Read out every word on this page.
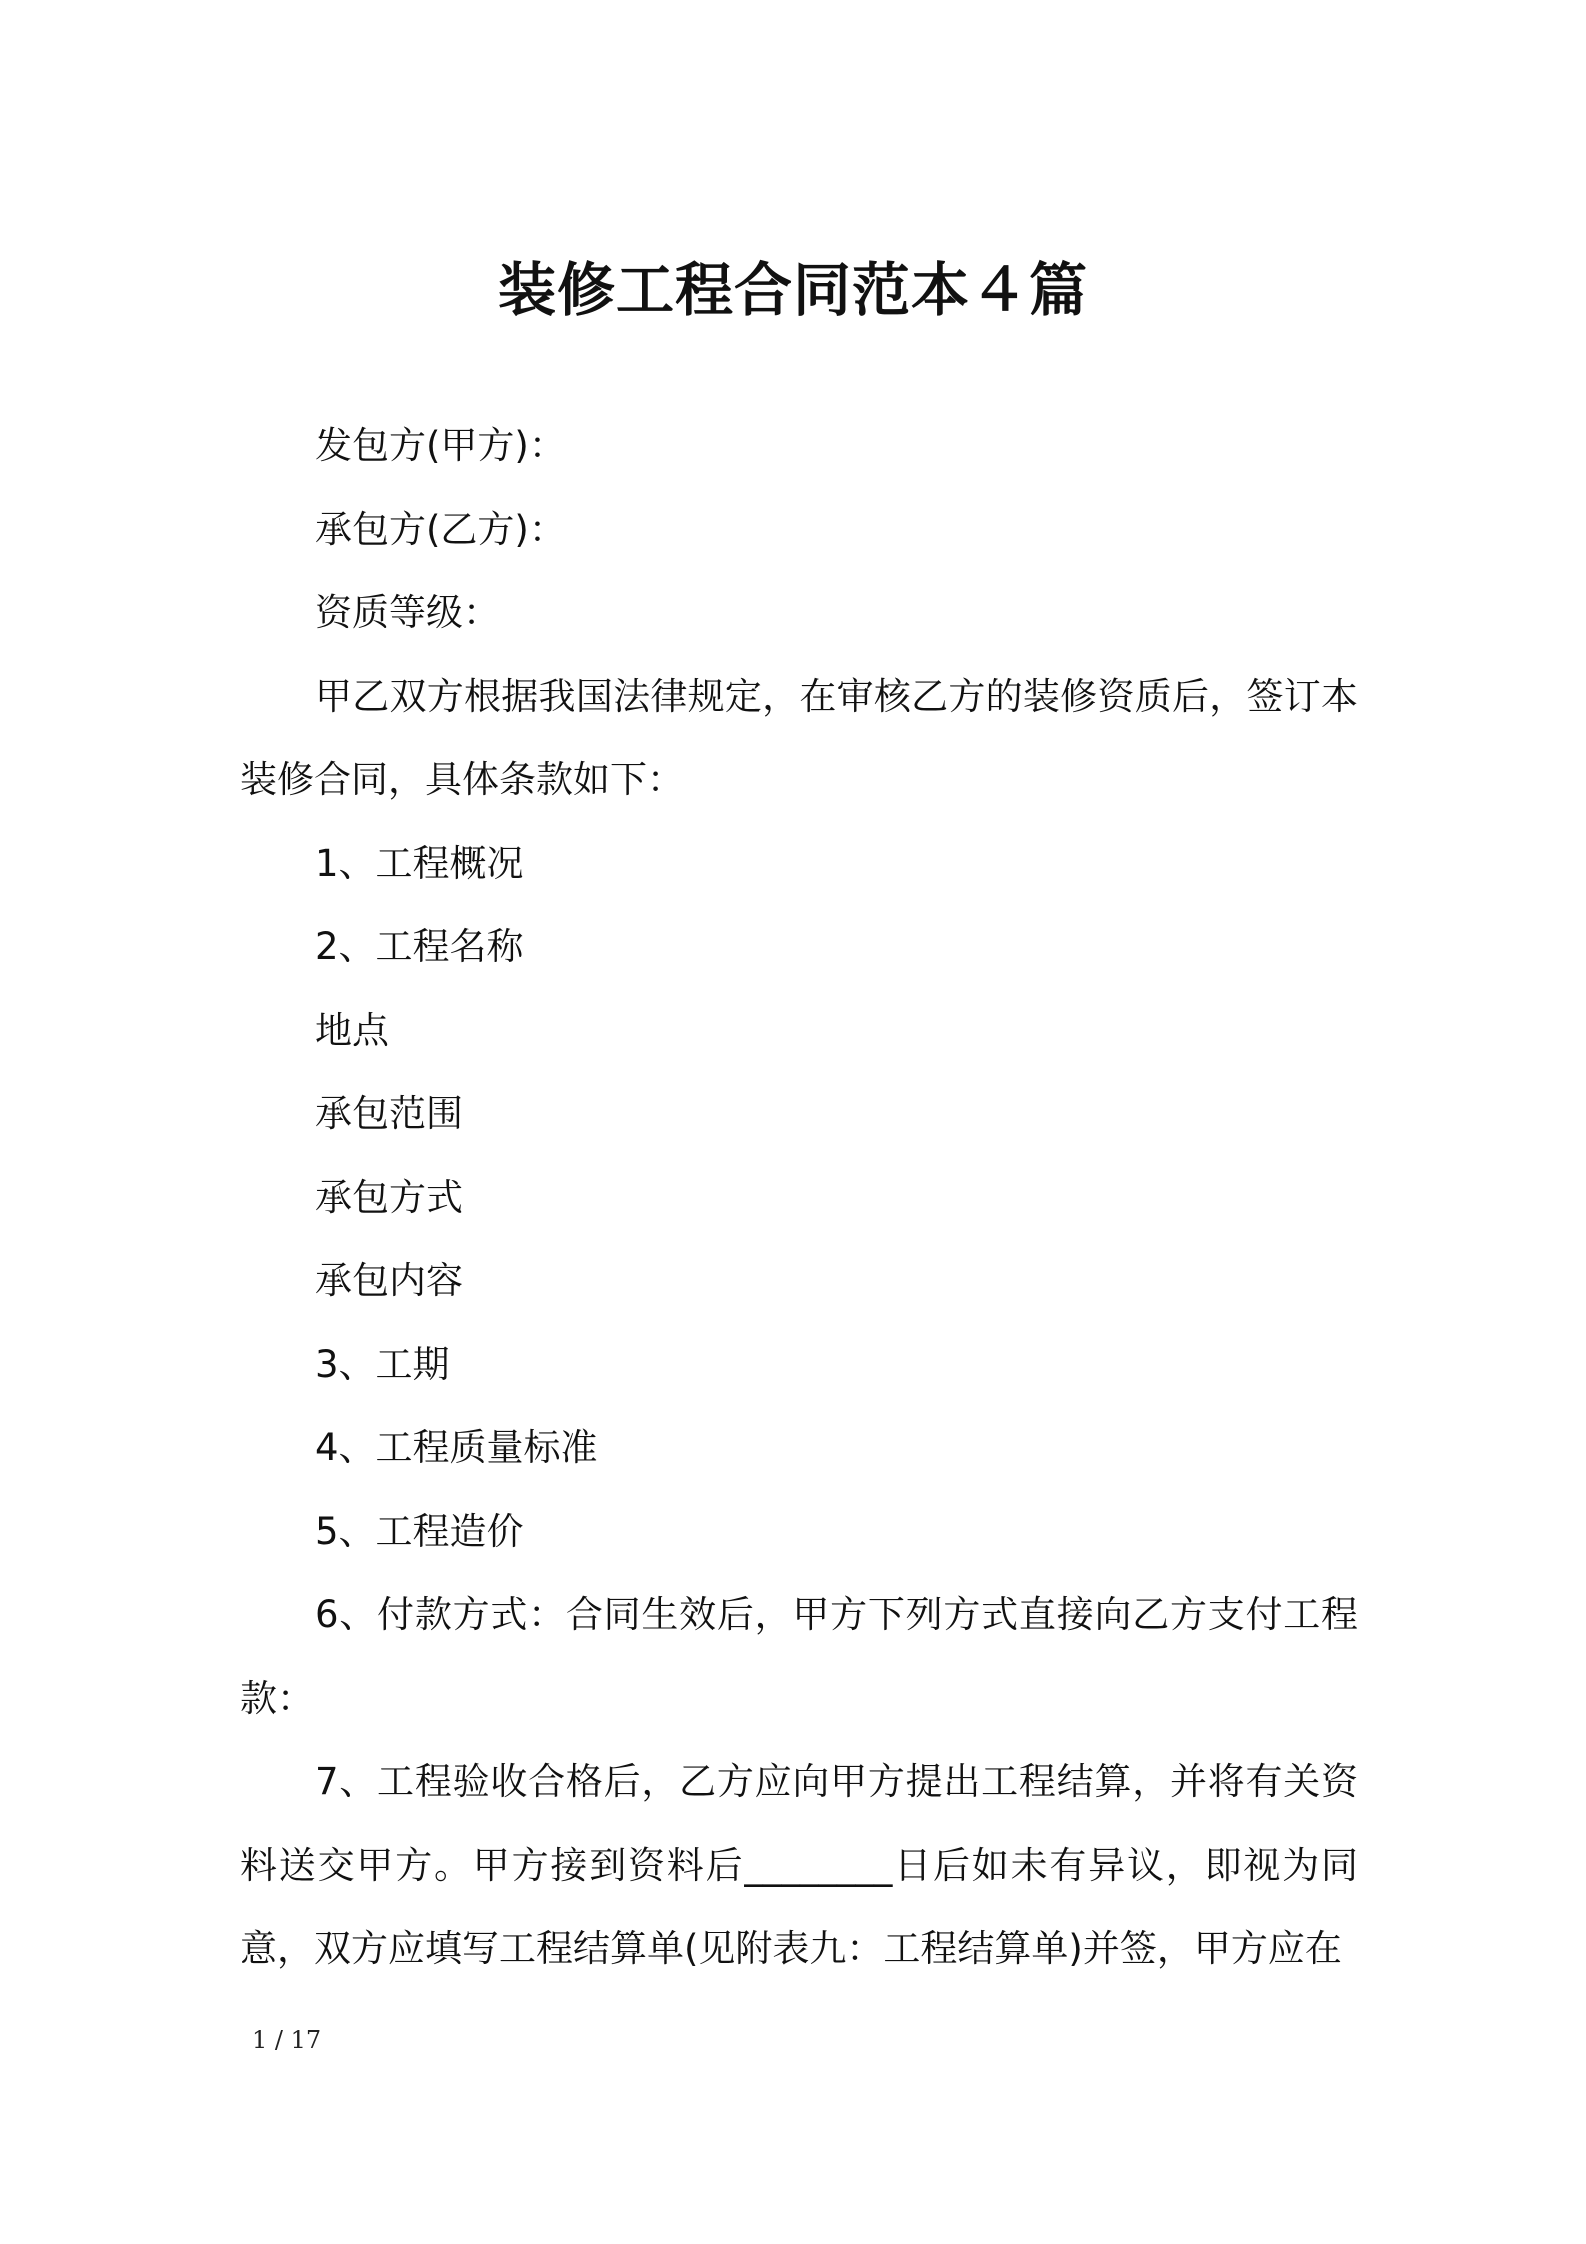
装修工程合同范本４篇

发包方(甲方)：

承包方(乙方)：

资质等级：

甲乙双方根据我国法律规定，在审核乙方的装修资质后，签订本装修合同，具体条款如下：

1、工程概况

2、工程名称

地点

承包范围

承包方式

承包内容

3、工期

4、工程质量标准

5、工程造价

6、付款方式：合同生效后，甲方下列方式直接向乙方支付工程款：

7、工程验收合格后，乙方应向甲方提出工程结算，并将有关资料送交甲方。甲方接到资料后________日后如未有异议，即视为同意，双方应填写工程结算单(见附表九：工程结算单)并签，甲方应在

1 / 17
